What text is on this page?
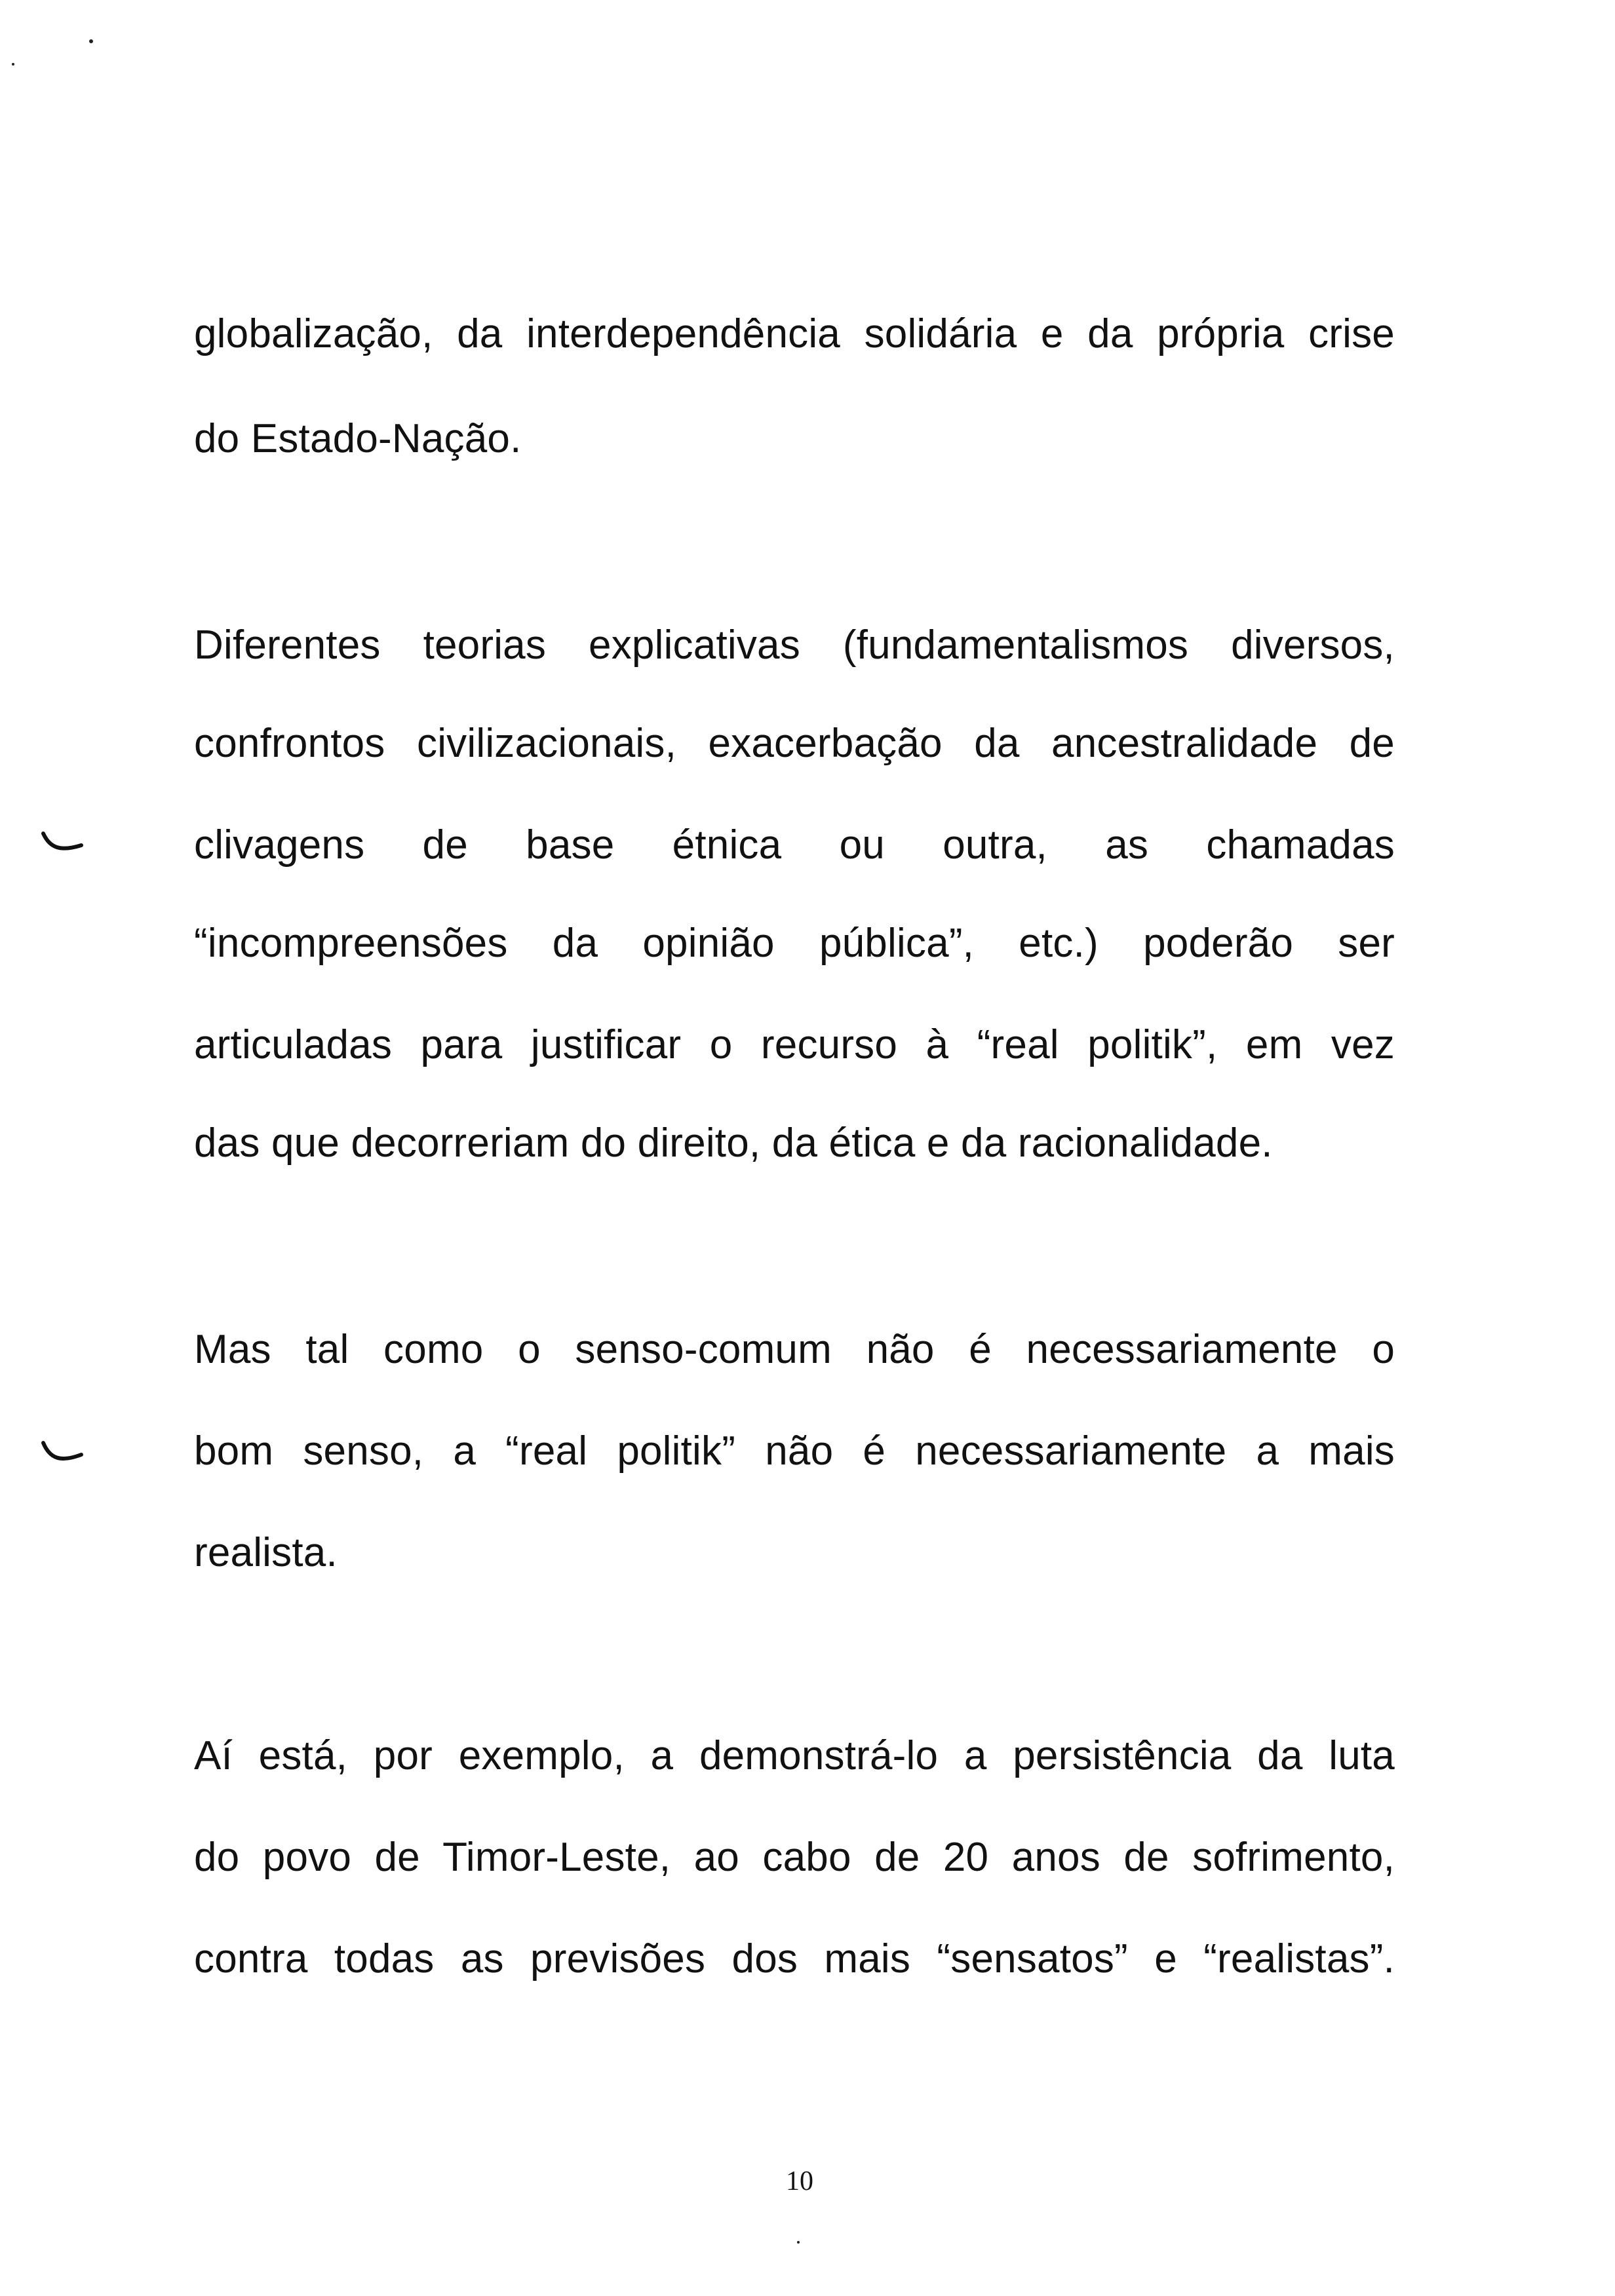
globalização, da interdependência solidária e da própria crise
do Estado-Nação.
Diferentes teorias explicativas (fundamentalismos diversos,
confrontos civilizacionais, exacerbação da ancestralidade de
clivagens de base étnica ou outra, as chamadas
“incompreensões da opinião pública”, etc.) poderão ser
articuladas para justificar o recurso à “real politik”, em vez
das que decorreriam do direito, da ética e da racionalidade.
Mas tal como o senso-comum não é necessariamente o
bom senso, a “real politik” não é necessariamente a mais
realista.
Aí está, por exemplo, a demonstrá-lo a persistência da luta
do povo de Timor-Leste, ao cabo de 20 anos de sofrimento,
contra todas as previsões dos mais “sensatos” e “realistas”.
10
